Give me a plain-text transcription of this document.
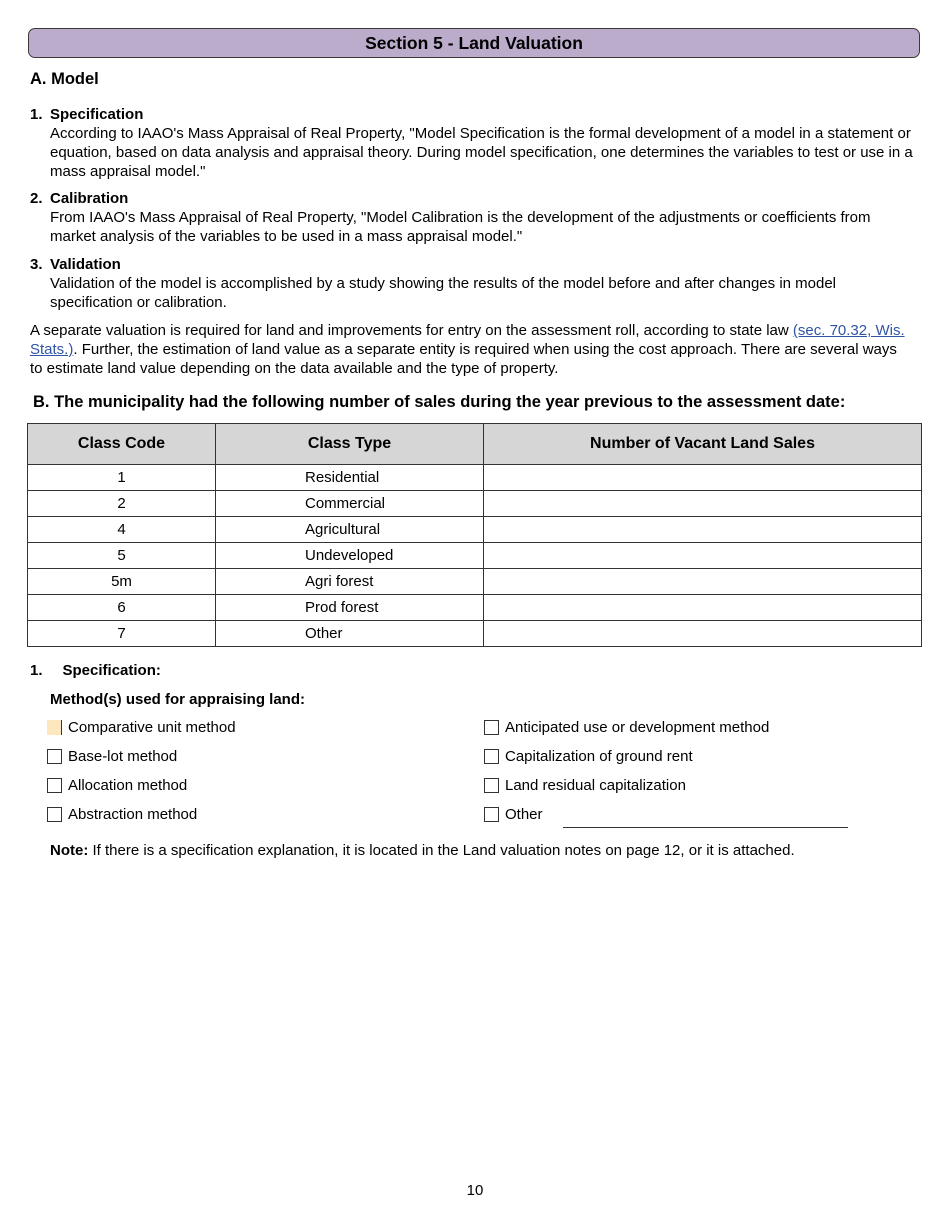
Section 5 - Land Valuation
A. Model
1. Specification
According to IAAO's Mass Appraisal of Real Property, "Model Specification is the formal development of a model in a statement or equation, based on data analysis and appraisal theory. During model specification, one determines the variables to test or use in a mass appraisal model."
2. Calibration
From IAAO's Mass Appraisal of Real Property, "Model Calibration is the development of the adjustments or coefficients from market analysis of the variables to be used in a mass appraisal model."
3. Validation
Validation of the model is accomplished by a study showing the results of the model before and after changes in model specification or calibration.
A separate valuation is required for land and improvements for entry on the assessment roll, according to state law (sec. 70.32, Wis. Stats.). Further, the estimation of land value as a separate entity is required when using the cost approach. There are several ways to estimate land value depending on the data available and the type of property.
B. The municipality had the following number of sales during the year previous to the assessment date:
Class Code	Class Type	Number of Vacant Land Sales
1	Residential	
2	Commercial	
4	Agricultural	
5	Undeveloped	
5m	Agri forest	
6	Prod forest	
7	Other	
1. Specification:
Method(s) used for appraising land:
Comparative unit method
Base-lot method
Allocation method
Abstraction method
Anticipated use or development method
Capitalization of ground rent
Land residual capitalization
Other
Note: If there is a specification explanation, it is located in the Land valuation notes on page 12, or it is attached.
10
